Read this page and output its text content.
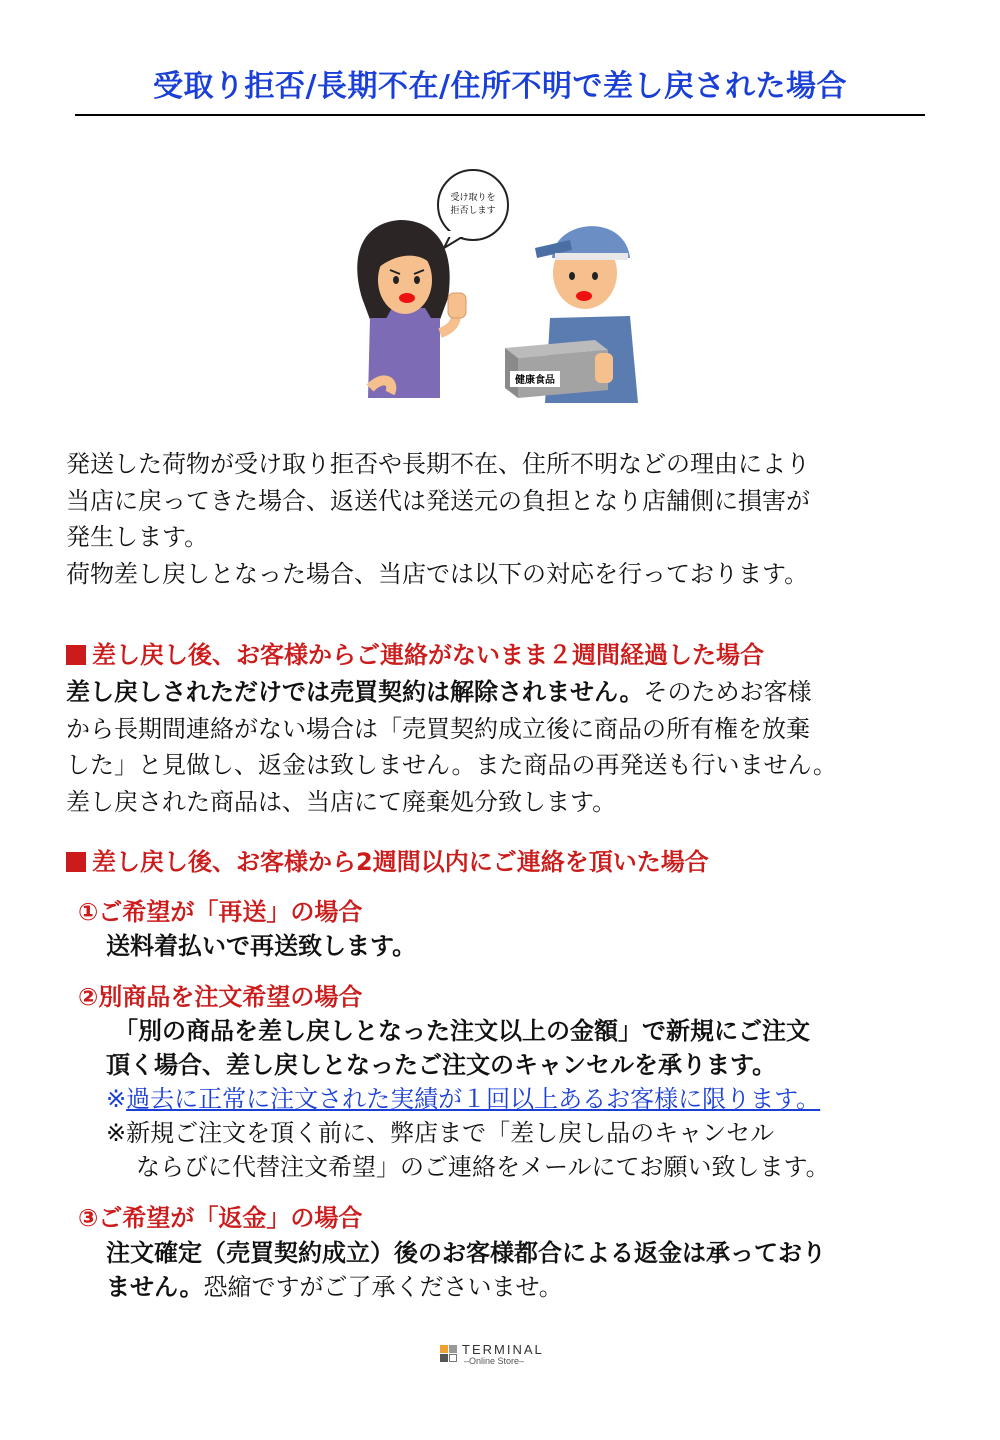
受取り拒否/長期不在/住所不明で差し戻された場合
受け取りを
拒否します
健康食品

発送した荷物が受け取り拒否や長期不在、住所不明などの理由により

当店に戻ってきた場合、返送代は発送元の負担となり店舗側に損害が

発生します。

荷物差し戻しとなった場合、当店では以下の対応を行っております。

差し戻し後、お客様からご連絡がないまま２週間経過した場合

差し戻しされただけでは売買契約は解除されません。そのためお客様

から長期間連絡がない場合は「売買契約成立後に商品の所有権を放棄

した」と見做し、返金は致しません。また商品の再発送も行いません。

差し戻された商品は、当店にて廃棄処分致します。

差し戻し後、お客様から2週間以内にご連絡を頂いた場合
①ご希望が「再送」の場合
送料着払いで再送致します。
②別商品を注文希望の場合

「別の商品を差し戻しとなった注文以上の金額」で新規にご注文

頂く場合、差し戻しとなったご注文のキャンセルを承ります。

※過去に正常に注文された実績が１回以上あるお客様に限ります。

※新規ご注文を頂く前に、弊店まで「差し戻し品のキャンセル

ならびに代替注文希望」のご連絡をメールにてお願い致します。

③ご希望が「返金」の場合

注文確定（売買契約成立）後のお客様都合による返金は承っており

ません。恐縮ですがご了承くださいませ。

TERMINAL
–Online Store–
